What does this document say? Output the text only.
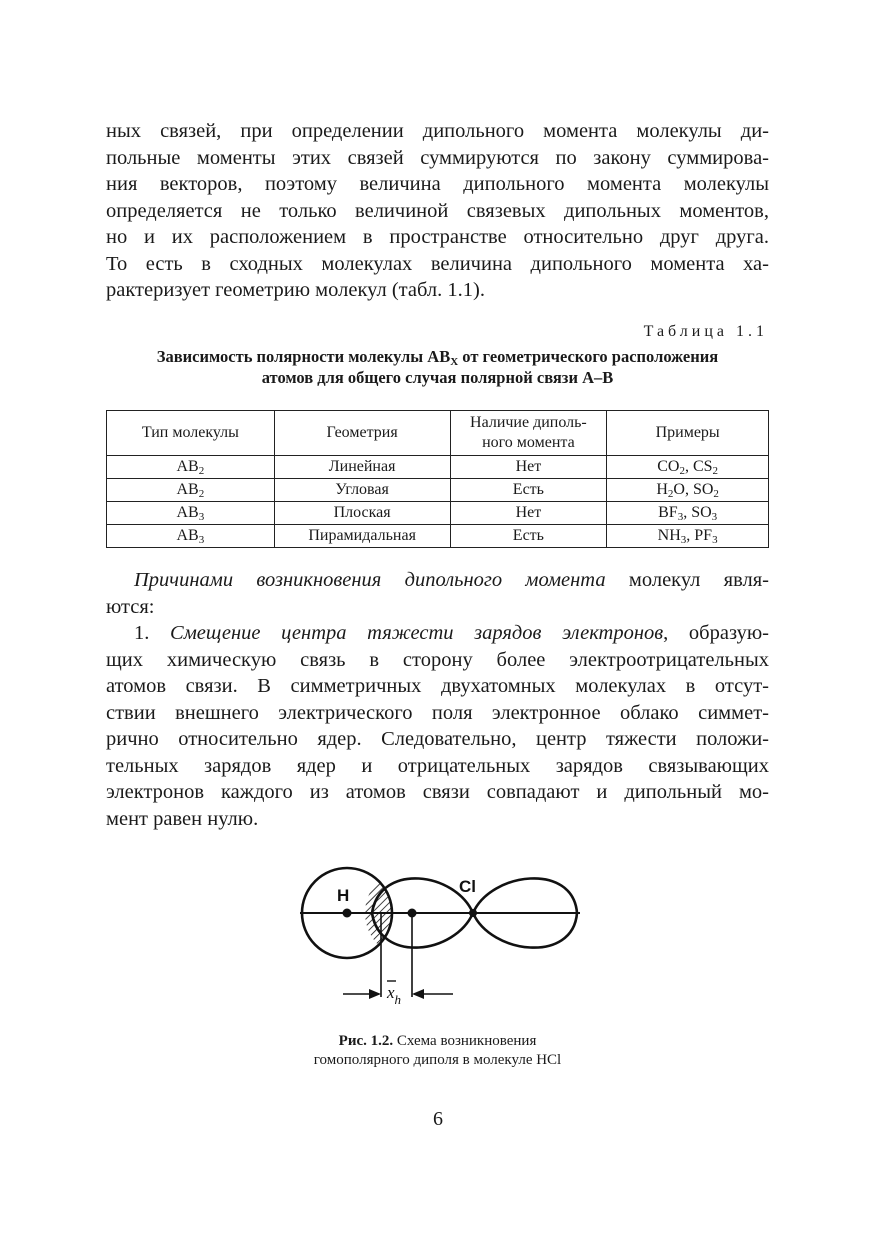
ных связей, при определении дипольного момента молекулы ди-
польные моменты этих связей суммируются по закону суммирова-
ния векторов, поэтому величина дипольного момента молекулы
определяется не только величиной связевых дипольных моментов,
но и их расположением в пространстве относительно друг друга.
То есть в сходных молекулах величина дипольного момента ха-
рактеризует геометрию молекул (табл. 1.1).
Таблица 1.1
Зависимость полярности молекулы $AB_X$ от геометрического расположения
атомов для общего случая полярной связи A–B
Тип молекулы	Геометрия	Наличие диполь-
ного момента	Примеры
$AB_2$	Линейная	Нет	$CO_2$, $CS_2$
$AB_2$	Угловая	Есть	$H_2O$, $SO_2$
$AB_3$	Плоская	Нет	$BF_3$, $SO_3$
$AB_3$	Пирамидальная	Есть	$NH_3$, $PF_3$
Причинами возникновения дипольного момента молекул явля-
ются:
1. Смещение центра тяжести зарядов электронов, образую-
щих химическую связь в сторону более электроотрицательных
атомов связи. В симметричных двухатомных молекулах в отсут-
ствии внешнего электрического поля электронное облако симмет-
рично относительно ядер. Следовательно, центр тяжести положи-
тельных зарядов ядер и отрицательных зарядов связывающих
электронов каждого из атомов связи совпадают и дипольный мо-
мент равен нулю.
H	Cl
$x_h$
Рис. 1.2. Схема возникновения
гомополярного диполя в молекуле HCl
6
